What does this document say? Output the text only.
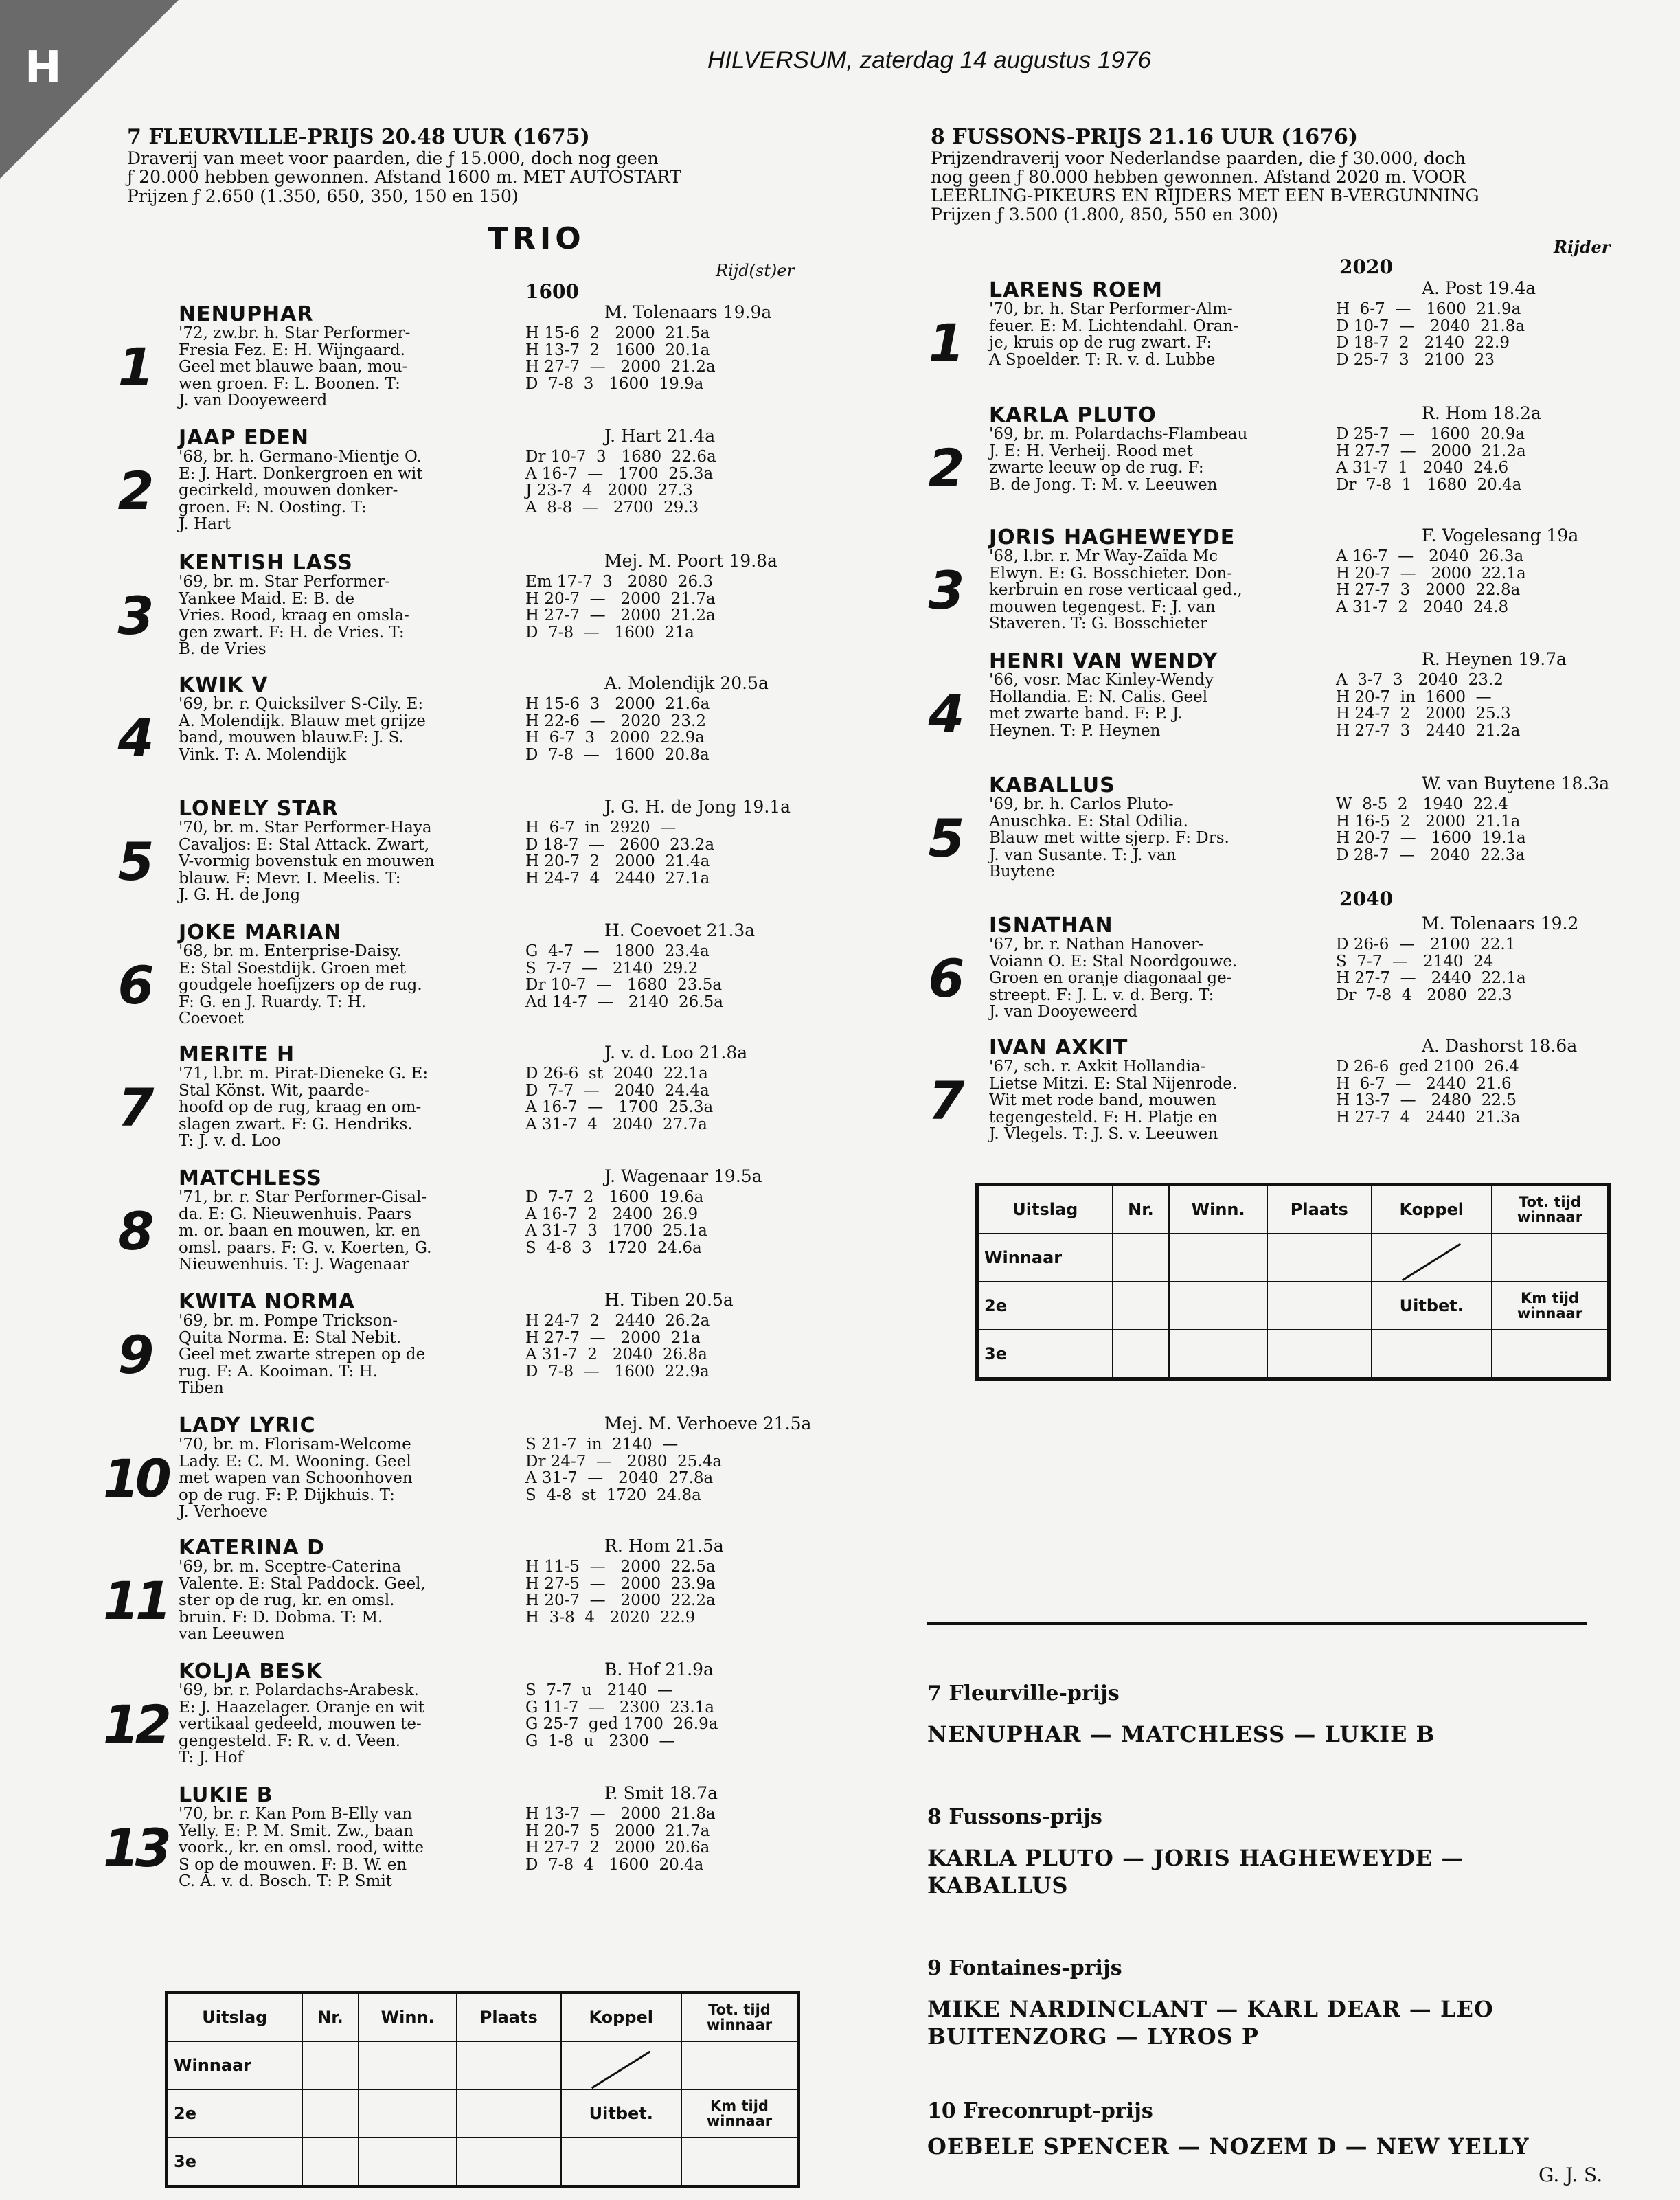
H	HILVERSUM, zaterdag 14 augustus 1976
7 FLEURVILLE-PRIJS 20.48 UUR (1675)
Draverij van meet voor paarden, die ƒ 15.000, doch nog geen
ƒ 20.000 hebben gewonnen. Afstand 1600 m. MET AUTOSTART
Prijzen ƒ 2.650 (1.350, 650, 350, 150 en 150)
TRIO
Rijd(st)er
1600
1
NENUPHAR	M. Tolenaars 19.9a
'72, zw.br. h. Star Performer-
Fresia Fez. E: H. Wijngaard.
Geel met blauwe baan, mou-
wen groen. F: L. Boonen. T:
J. van Dooyeweerd
H 15-6  2   2000  21.5a
H 13-7  2   1600  20.1a
H 27-7  —   2000  21.2a
D  7-8  3   1600  19.9a
2
JAAP EDEN	J. Hart 21.4a
'68, br. h. Germano-Mientje O.
E: J. Hart. Donkergroen en wit
gecirkeld, mouwen donker-
groen. F: N. Oosting. T:
J. Hart
Dr 10-7  3   1680  22.6a
A 16-7  —   1700  25.3a
J 23-7  4   2000  27.3
A  8-8  —   2700  29.3
3
KENTISH LASS	Mej. M. Poort 19.8a
'69, br. m. Star Performer-
Yankee Maid. E: B. de
Vries. Rood, kraag en omsla-
gen zwart. F: H. de Vries. T:
B. de Vries
Em 17-7  3   2080  26.3
H 20-7  —   2000  21.7a
H 27-7  —   2000  21.2a
D  7-8  —   1600  21a
4
KWIK V	A. Molendijk 20.5a
'69, br. r. Quicksilver S-Cily. E:
A. Molendijk. Blauw met grijze
band, mouwen blauw.F: J. S.
Vink. T: A. Molendijk
H 15-6  3   2000  21.6a
H 22-6  —   2020  23.2
H  6-7  3   2000  22.9a
D  7-8  —   1600  20.8a
5
LONELY STAR	J. G. H. de Jong 19.1a
'70, br. m. Star Performer-Haya
Cavaljos: E: Stal Attack. Zwart,
V-vormig bovenstuk en mouwen
blauw. F: Mevr. I. Meelis. T:
J. G. H. de Jong
H  6-7  in  2920  —
D 18-7  —   2600  23.2a
H 20-7  2   2000  21.4a
H 24-7  4   2440  27.1a
6
JOKE MARIAN	H. Coevoet 21.3a
'68, br. m. Enterprise-Daisy.
E: Stal Soestdijk. Groen met
goudgele hoefijzers op de rug.
F: G. en J. Ruardy. T: H.
Coevoet
G  4-7  —   1800  23.4a
S  7-7  —   2140  29.2
Dr 10-7  —   1680  23.5a
Ad 14-7  —   2140  26.5a
7
MERITE H	J. v. d. Loo 21.8a
'71, l.br. m. Pirat-Dieneke G. E:
Stal Könst. Wit, paarde-
hoofd op de rug, kraag en om-
slagen zwart. F: G. Hendriks.
T: J. v. d. Loo
D 26-6  st  2040  22.1a
D  7-7  —   2040  24.4a
A 16-7  —   1700  25.3a
A 31-7  4   2040  27.7a
8
MATCHLESS	J. Wagenaar 19.5a
'71, br. r. Star Performer-Gisal-
da. E: G. Nieuwenhuis. Paars
m. or. baan en mouwen, kr. en
omsl. paars. F: G. v. Koerten, G.
Nieuwenhuis. T: J. Wagenaar
D  7-7  2   1600  19.6a
A 16-7  2   2400  26.9
A 31-7  3   1700  25.1a
S  4-8  3   1720  24.6a
9
KWITA NORMA	H. Tiben 20.5a
'69, br. m. Pompe Trickson-
Quita Norma. E: Stal Nebit.
Geel met zwarte strepen op de
rug. F: A. Kooiman. T: H.
Tiben
H 24-7  2   2440  26.2a
H 27-7  —   2000  21a
A 31-7  2   2040  26.8a
D  7-8  —   1600  22.9a
10
LADY LYRIC	Mej. M. Verhoeve 21.5a
'70, br. m. Florisam-Welcome
Lady. E: C. M. Wooning. Geel
met wapen van Schoonhoven
op de rug. F: P. Dijkhuis. T:
J. Verhoeve
S 21-7  in  2140  —
Dr 24-7  —   2080  25.4a
A 31-7  —   2040  27.8a
S  4-8  st  1720  24.8a
11
KATERINA D	R. Hom 21.5a
'69, br. m. Sceptre-Caterina
Valente. E: Stal Paddock. Geel,
ster op de rug, kr. en omsl.
bruin. F: D. Dobma. T: M.
van Leeuwen
H 11-5  —   2000  22.5a
H 27-5  —   2000  23.9a
H 20-7  —   2000  22.2a
H  3-8  4   2020  22.9
12
KOLJA BESK	B. Hof 21.9a
'69, br. r. Polardachs-Arabesk.
E: J. Haazelager. Oranje en wit
vertikaal gedeeld, mouwen te-
gengesteld. F: R. v. d. Veen.
T: J. Hof
S  7-7  u   2140  —
G 11-7  —   2300  23.1a
G 25-7  ged 1700  26.9a
G  1-8  u   2300  —
13
LUKIE B	P. Smit 18.7a
'70, br. r. Kan Pom B-Elly van
Yelly. E: P. M. Smit. Zw., baan
voork., kr. en omsl. rood, witte
S op de mouwen. F: B. W. en
C. A. v. d. Bosch. T: P. Smit
H 13-7  —   2000  21.8a
H 20-7  5   2000  21.7a
H 27-7  2   2000  20.6a
D  7-8  4   1600  20.4a
8 FUSSONS-PRIJS 21.16 UUR (1676)
Prijzendraverij voor Nederlandse paarden, die ƒ 30.000, doch
nog geen ƒ 80.000 hebben gewonnen. Afstand 2020 m. VOOR
LEERLING-PIKEURS EN RIJDERS MET EEN B-VERGUNNING
Prijzen ƒ 3.500 (1.800, 850, 550 en 300)
Rijder
2020
2040
1
LARENS ROEM	A. Post 19.4a
'70, br. h. Star Performer-Alm-
feuer. E: M. Lichtendahl. Oran-
je, kruis op de rug zwart. F:
A Spoelder. T: R. v. d. Lubbe
H  6-7  —   1600  21.9a
D 10-7  —   2040  21.8a
D 18-7  2   2140  22.9
D 25-7  3   2100  23
2
KARLA PLUTO	R. Hom 18.2a
'69, br. m. Polardachs-Flambeau
J. E: H. Verheij. Rood met
zwarte leeuw op de rug. F:
B. de Jong. T: M. v. Leeuwen
D 25-7  —   1600  20.9a
H 27-7  —   2000  21.2a
A 31-7  1   2040  24.6
Dr  7-8  1   1680  20.4a
3
JORIS HAGHEWEYDE	F. Vogelesang 19a
'68, l.br. r. Mr Way-Zaïda Mc
Elwyn. E: G. Bosschieter. Don-
kerbruin en rose verticaal ged.,
mouwen tegengest. F: J. van
Staveren. T: G. Bosschieter
A 16-7  —   2040  26.3a
H 20-7  —   2000  22.1a
H 27-7  3   2000  22.8a
A 31-7  2   2040  24.8
4
HENRI VAN WENDY	R. Heynen 19.7a
'66, vosr. Mac Kinley-Wendy
Hollandia. E: N. Calis. Geel
met zwarte band. F: P. J.
Heynen. T: P. Heynen
A  3-7  3   2040  23.2
H 20-7  in  1600  —
H 24-7  2   2000  25.3
H 27-7  3   2440  21.2a
5
KABALLUS	W. van Buytene 18.3a
'69, br. h. Carlos Pluto-
Anuschka. E: Stal Odilia.
Blauw met witte sjerp. F: Drs.
J. van Susante. T: J. van
Buytene
W  8-5  2   1940  22.4
H 16-5  2   2000  21.1a
H 20-7  —   1600  19.1a
D 28-7  —   2040  22.3a
6
ISNATHAN	M. Tolenaars 19.2
'67, br. r. Nathan Hanover-
Voiann O. E: Stal Noordgouwe.
Groen en oranje diagonaal ge-
streept. F: J. L. v. d. Berg. T:
J. van Dooyeweerd
D 26-6  —   2100  22.1
S  7-7  —   2140  24
H 27-7  —   2440  22.1a
Dr  7-8  4   2080  22.3
7
IVAN AXKIT	A. Dashorst 18.6a
'67, sch. r. Axkit Hollandia-
Lietse Mitzi. E: Stal Nijenrode.
Wit met rode band, mouwen
tegengesteld. F: H. Platje en
J. Vlegels. T: J. S. v. Leeuwen
D 26-6  ged 2100  26.4
H  6-7  —   2440  21.6
H 13-7  —   2480  22.5
H 27-7  4   2440  21.3a
Uitslag	Nr.	Winn.	Plaats	Koppel	Tot. tijd
winnaar
Winnaar					
2e				Uitbet.	Km tijd
winnaar
3e					
Uitslag	Nr.	Winn.	Plaats	Koppel	Tot. tijd
winnaar
Winnaar					
2e				Uitbet.	Km tijd
winnaar
3e					
7 Fleurville-prijs
NENUPHAR — MATCHLESS — LUKIE B
8 Fussons-prijs
KARLA PLUTO — JORIS HAGHEWEYDE —
KABALLUS
9 Fontaines-prijs
MIKE NARDINCLANT — KARL DEAR — LEO
BUITENZORG — LYROS P
10 Freconrupt-prijs
OEBELE SPENCER — NOZEM D — NEW YELLY
G. J. S.
